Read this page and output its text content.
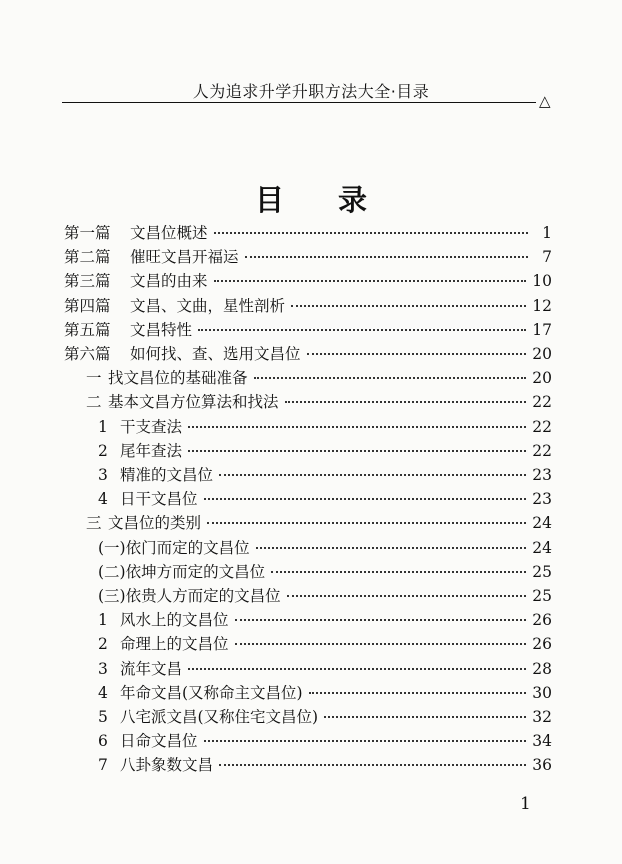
人为追求升学升职方法大全·目录	△
目录
第一篇	文昌位概述	1
第二篇	催旺文昌开福运	7
第三篇	文昌的由来	10
第四篇	文昌、文曲，星性剖析	12
第五篇	文昌特性	17
第六篇	如何找、查、选用文昌位	20
一 找文昌位的基础准备	20
二 基本文昌方位算法和找法	22
1 干支查法	22
2 尾年查法	22
3 精准的文昌位	23
4 日干文昌位	23
三 文昌位的类别	24
(一)依门而定的文昌位	24
(二)依坤方而定的文昌位	25
(三)依贵人方而定的文昌位	25
1 风水上的文昌位	26
2 命理上的文昌位	26
3 流年文昌	28
4 年命文昌(又称命主文昌位)	30
5 八宅派文昌(又称住宅文昌位)	32
6 日命文昌位	34
7 八卦象数文昌	36
1
